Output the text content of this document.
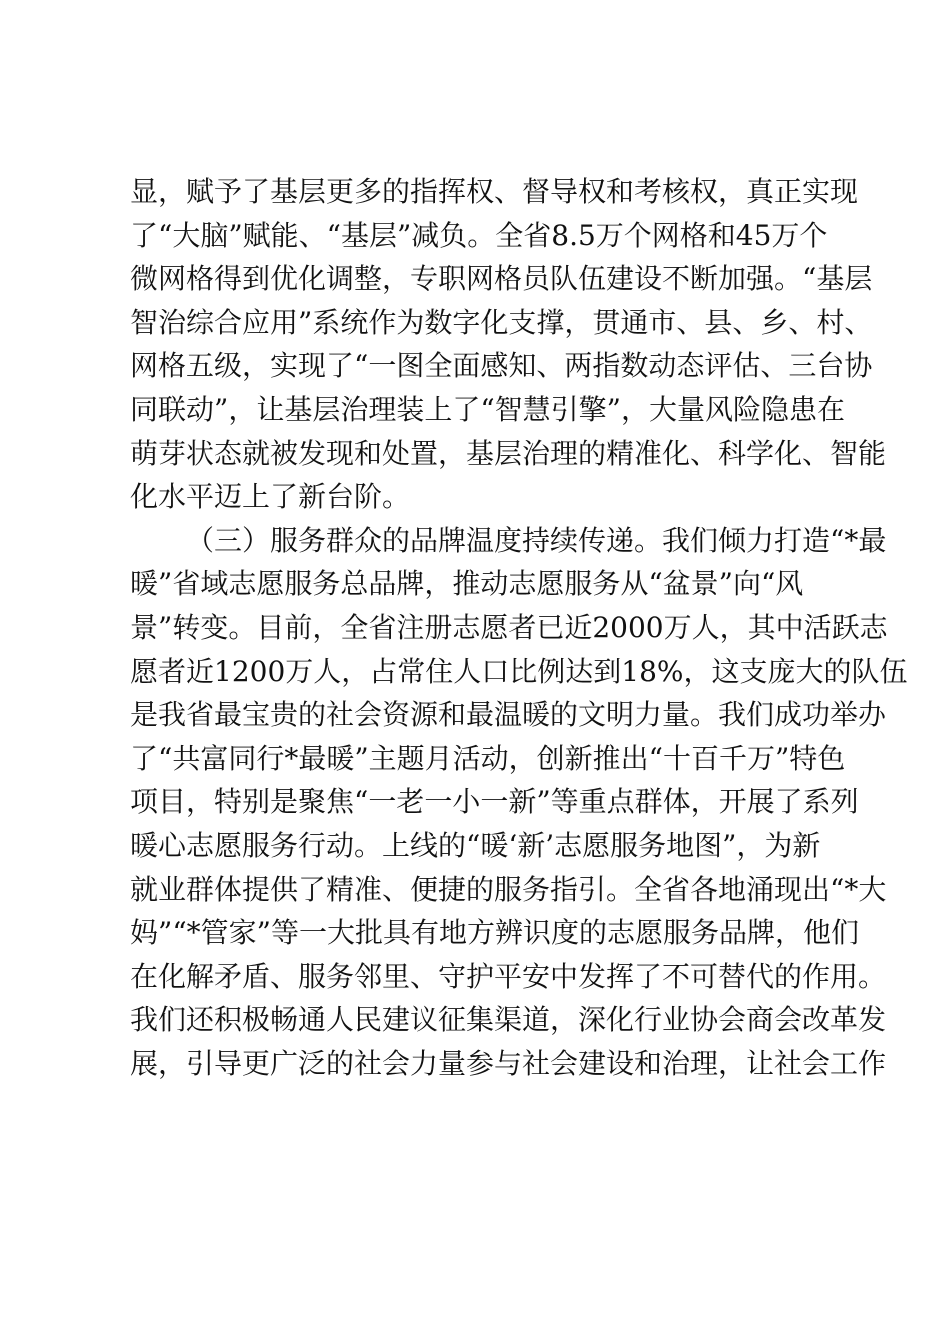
显，赋予了基层更多的指挥权、督导权和考核权，真正实现
了“大脑”赋能、“基层”减负。全省8.5万个网格和45万个
微网格得到优化调整，专职网格员队伍建设不断加强。“基层
智治综合应用”系统作为数字化支撑，贯通市、县、乡、村、
网格五级，实现了“一图全面感知、两指数动态评估、三台协
同联动”，让基层治理装上了“智慧引擎”，大量风险隐患在
萌芽状态就被发现和处置，基层治理的精准化、科学化、智能
化水平迈上了新台阶。
（三）服务群众的品牌温度持续传递。我们倾力打造“*最
暖”省域志愿服务总品牌，推动志愿服务从“盆景”向“风
景”转变。目前，全省注册志愿者已近2000万人，其中活跃志
愿者近1200万人，占常住人口比例达到18%，这支庞大的队伍
是我省最宝贵的社会资源和最温暖的文明力量。我们成功举办
了“共富同行*最暖”主题月活动，创新推出“十百千万”特色
项目，特别是聚焦“一老一小一新”等重点群体，开展了系列
暖心志愿服务行动。上线的“暖‘新’志愿服务地图”，为新
就业群体提供了精准、便捷的服务指引。全省各地涌现出“*大
妈”“*管家”等一大批具有地方辨识度的志愿服务品牌，他们
在化解矛盾、服务邻里、守护平安中发挥了不可替代的作用。
我们还积极畅通人民建议征集渠道，深化行业协会商会改革发
展，引导更广泛的社会力量参与社会建设和治理，让社会工作
